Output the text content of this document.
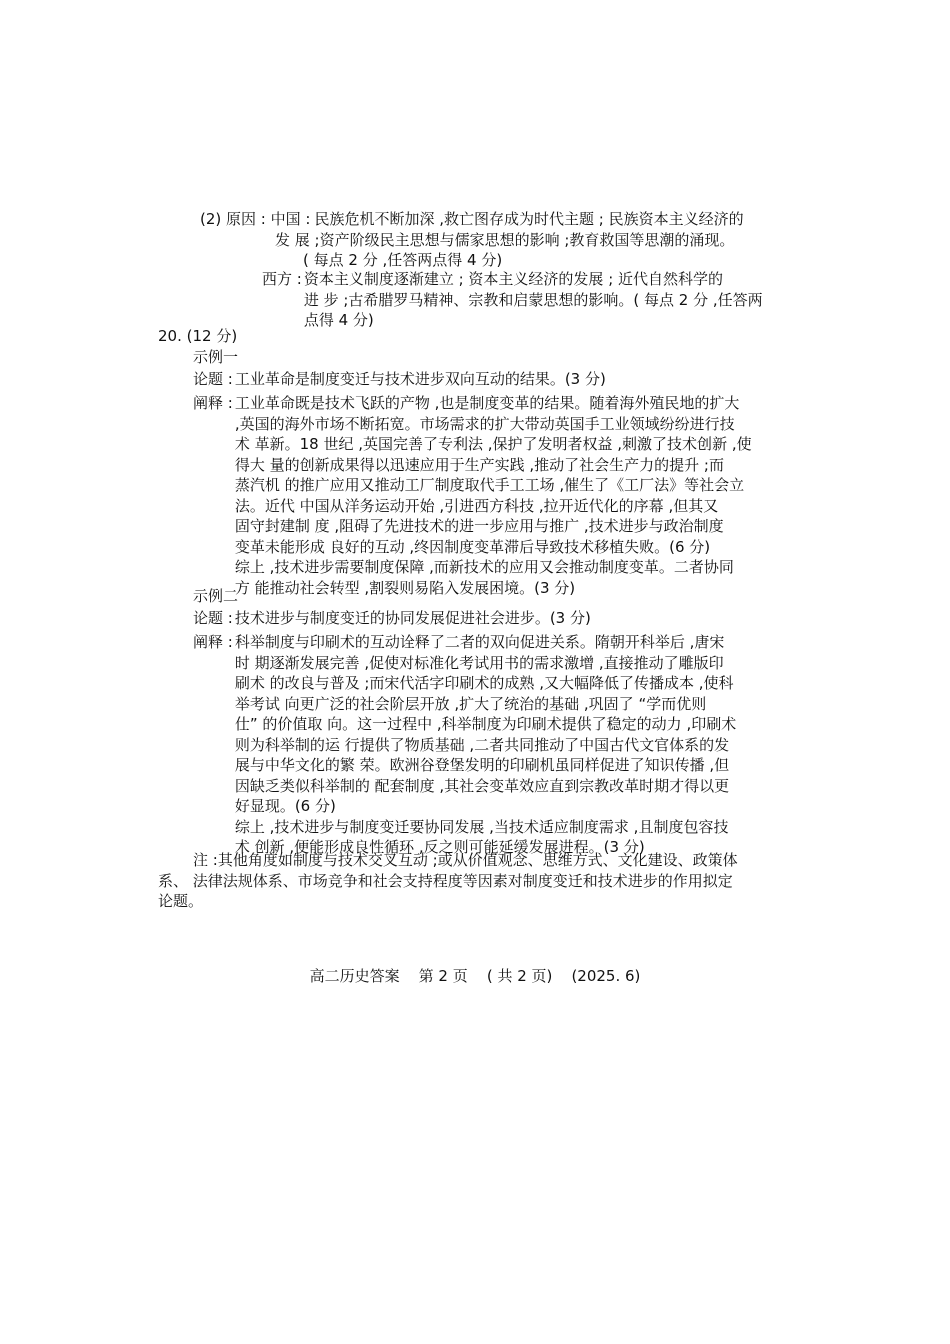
(2) 原因 : 中国 : 民族危机不断加深 ,救亡图存成为时代主题 ; 民族资本主义经济的
发 展 ;资产阶级民主思想与儒家思想的影响 ;教育救国等思潮的涌现。
( 每点 2 分 ,任答两点得 4 分)
西方 : 资本主义制度逐渐建立 ; 资本主义经济的发展 ; 近代自然科学的
进 步 ;古希腊罗马精神、宗教和启蒙思想的影响。( 每点 2 分 ,任答两
点得 4 分)
20. (12 分)
示例一
论题 : 工业革命是制度变迁与技术进步双向互动的结果。(3 分)
阐释 : 工业革命既是技术飞跃的产物 ,也是制度变革的结果。随着海外殖民地的扩大
,英国的海外市场不断拓宽。市场需求的扩大带动英国手工业领域纷纷进行技
术 革新。18 世纪 ,英国完善了专利法 ,保护了发明者权益 ,刺激了技术创新 ,使
得大 量的创新成果得以迅速应用于生产实践 ,推动了社会生产力的提升 ;而
蒸汽机 的推广应用又推动工厂制度取代手工工场 ,催生了《工厂法》等社会立
法。近代 中国从洋务运动开始 ,引进西方科技 ,拉开近代化的序幕 ,但其又
固守封建制 度 ,阻碍了先进技术的进一步应用与推广 ,技术进步与政治制度
变革未能形成 良好的互动 ,终因制度变革滞后导致技术移植失败。(6 分)
综上 ,技术进步需要制度保障 ,而新技术的应用又会推动制度变革。二者协同
方 能推动社会转型 ,割裂则易陷入发展困境。(3 分)
示例二
论题 : 技术进步与制度变迁的协同发展促进社会进步。(3 分)
阐释 : 科举制度与印刷术的互动诠释了二者的双向促进关系。隋朝开科举后 ,唐宋
时 期逐渐发展完善 ,促使对标准化考试用书的需求激增 ,直接推动了雕版印
刷术 的改良与普及 ;而宋代活字印刷术的成熟 ,又大幅降低了传播成本 ,使科
举考试 向更广泛的社会阶层开放 ,扩大了统治的基础 ,巩固了 “学而优则
仕” 的价值取 向。这一过程中 ,科举制度为印刷术提供了稳定的动力 ,印刷术
则为科举制的运 行提供了物质基础 ,二者共同推动了中国古代文官体系的发
展与中华文化的繁 荣。欧洲谷登堡发明的印刷机虽同样促进了知识传播 ,但
因缺乏类似科举制的 配套制度 ,其社会变革效应直到宗教改革时期才得以更
好显现。(6 分)
综上 ,技术进步与制度变迁要协同发展 ,当技术适应制度需求 ,且制度包容技
术 创新 ,便能形成良性循环 ,反之则可能延缓发展进程。(3 分)
注 :其他角度如制度与技术交叉互动 ;或从价值观念、思维方式、文化建设、政策体
系、 法律法规体系、市场竞争和社会支持程度等因素对制度变迁和技术进步的作用拟定
论题。
高二历史答案    第 2 页    ( 共 2 页)    (2025. 6)
